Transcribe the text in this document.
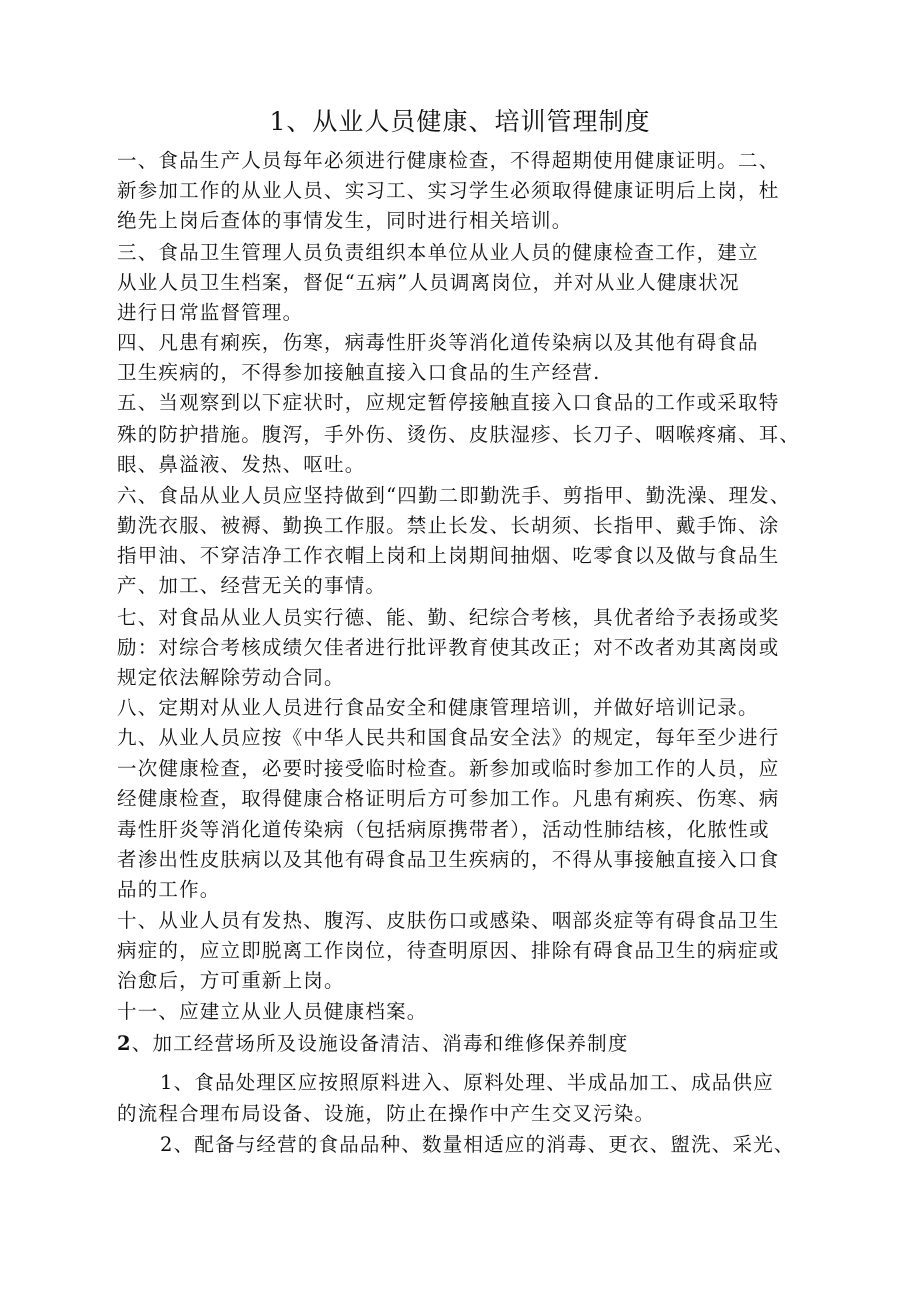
1、从业人员健康、培训管理制度
一、食品生产人员每年必须进行健康检查，不得超期使用健康证明。二、
新参加工作的从业人员、实习工、实习学生必须取得健康证明后上岗，杜
绝先上岗后查体的事情发生，同时进行相关培训。
三、食品卫生管理人员负责组织本单位从业人员的健康检查工作，建立
从业人员卫生档案，督促“五病”人员调离岗位，并对从业人健康状况
进行日常监督管理。
四、凡患有痢疾，伤寒，病毒性肝炎等消化道传染病以及其他有碍食品
卫生疾病的，不得参加接触直接入口食品的生产经营.
五、当观察到以下症状时，应规定暂停接触直接入口食品的工作或采取特
殊的防护措施。腹泻，手外伤、烫伤、皮肤湿疹、长刀子、咽喉疼痛、耳、
眼、鼻溢液、发热、呕吐。
六、食品从业人员应坚持做到“四勤二即勤洗手、剪指甲、勤洗澡、理发、
勤洗衣服、被褥、勤换工作服。禁止长发、长胡须、长指甲、戴手饰、涂
指甲油、不穿洁净工作衣帽上岗和上岗期间抽烟、吃零食以及做与食品生
产、加工、经营无关的事情。
七、对食品从业人员实行德、能、勤、纪综合考核，具优者给予表扬或奖
励：对综合考核成绩欠佳者进行批评教育使其改正；对不改者劝其离岗或
规定依法解除劳动合同。
八、定期对从业人员进行食品安全和健康管理培训，并做好培训记录。
九、从业人员应按《中华人民共和国食品安全法》的规定，每年至少进行
一次健康检查，必要时接受临时检查。新参加或临时参加工作的人员，应
经健康检查，取得健康合格证明后方可参加工作。凡患有痢疾、伤寒、病
毒性肝炎等消化道传染病（包括病原携带者），活动性肺结核，化脓性或
者渗出性皮肤病以及其他有碍食品卫生疾病的，不得从事接触直接入口食
品的工作。
十、从业人员有发热、腹泻、皮肤伤口或感染、咽部炎症等有碍食品卫生
病症的，应立即脱离工作岗位，待查明原因、排除有碍食品卫生的病症或
治愈后，方可重新上岗。
十一、应建立从业人员健康档案。
2、加工经营场所及设施设备清洁、消毒和维修保养制度
1、食品处理区应按照原料进入、原料处理、半成品加工、成品供应
的流程合理布局设备、设施，防止在操作中产生交叉污染。
2、配备与经营的食品品种、数量相适应的消毒、更衣、盥洗、采光、
